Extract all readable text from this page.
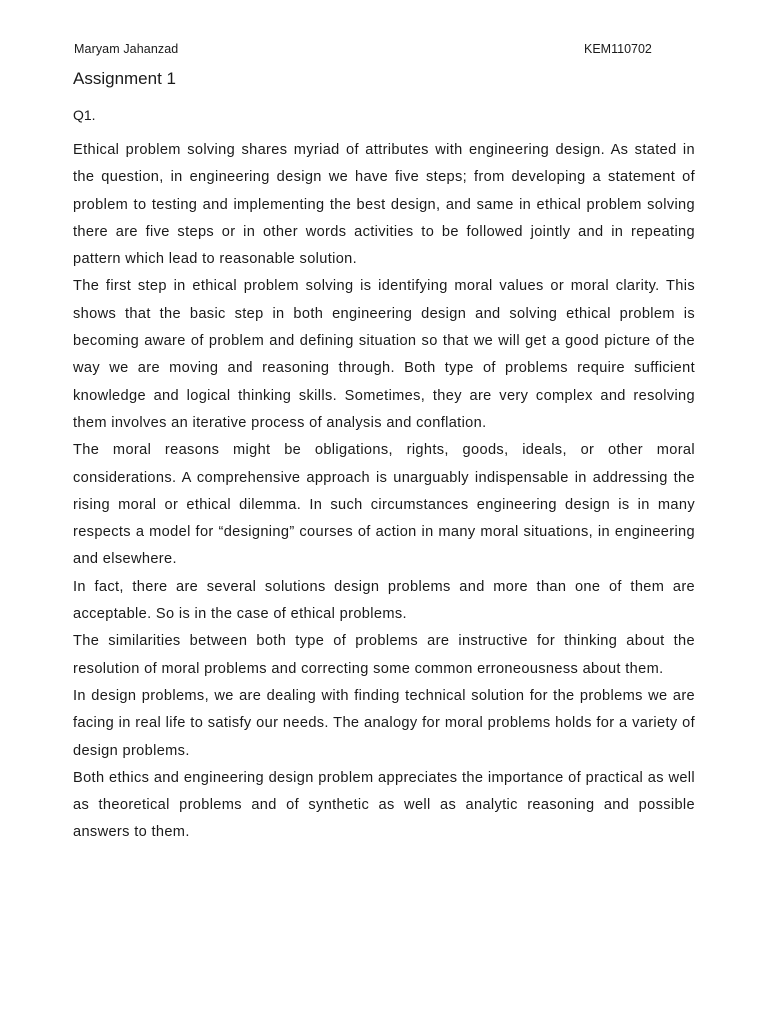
Maryam Jahanzad	KEM110702
Assignment 1
Q1.

Ethical problem solving shares myriad of attributes with engineering design. As stated in the question, in engineering design we have five steps; from developing a statement of problem to testing and implementing the best design, and same in ethical problem solving there are five steps or in other words activities to be followed jointly and in repeating pattern which lead to reasonable solution.

The first step in ethical problem solving is identifying moral values or moral clarity. This shows that the basic step in both engineering design and solving ethical problem is becoming aware of problem and defining situation so that we will get a good picture of the way we are moving and reasoning through. Both type of problems require sufficient knowledge and logical thinking skills. Sometimes, they are very complex and resolving them involves an iterative process of analysis and conflation.

The moral reasons might be obligations, rights, goods, ideals, or other moral considerations. A comprehensive approach is unarguably indispensable in addressing the rising moral or ethical dilemma. In such circumstances engineering design is in many respects a model for “designing” courses of action in many moral situations, in engineering and elsewhere.

In fact, there are several solutions design problems and more than one of them are acceptable. So is in the case of ethical problems.

The similarities between both type of problems are instructive for thinking about the resolution of moral problems and correcting some common erroneousness about them.

In design problems, we are dealing with finding technical solution for the problems we are facing in real life to satisfy our needs. The analogy for moral problems holds for a variety of design problems.

Both ethics and engineering design problem appreciates the importance of practical as well as theoretical problems and of synthetic as well as analytic reasoning and possible answers to them.
